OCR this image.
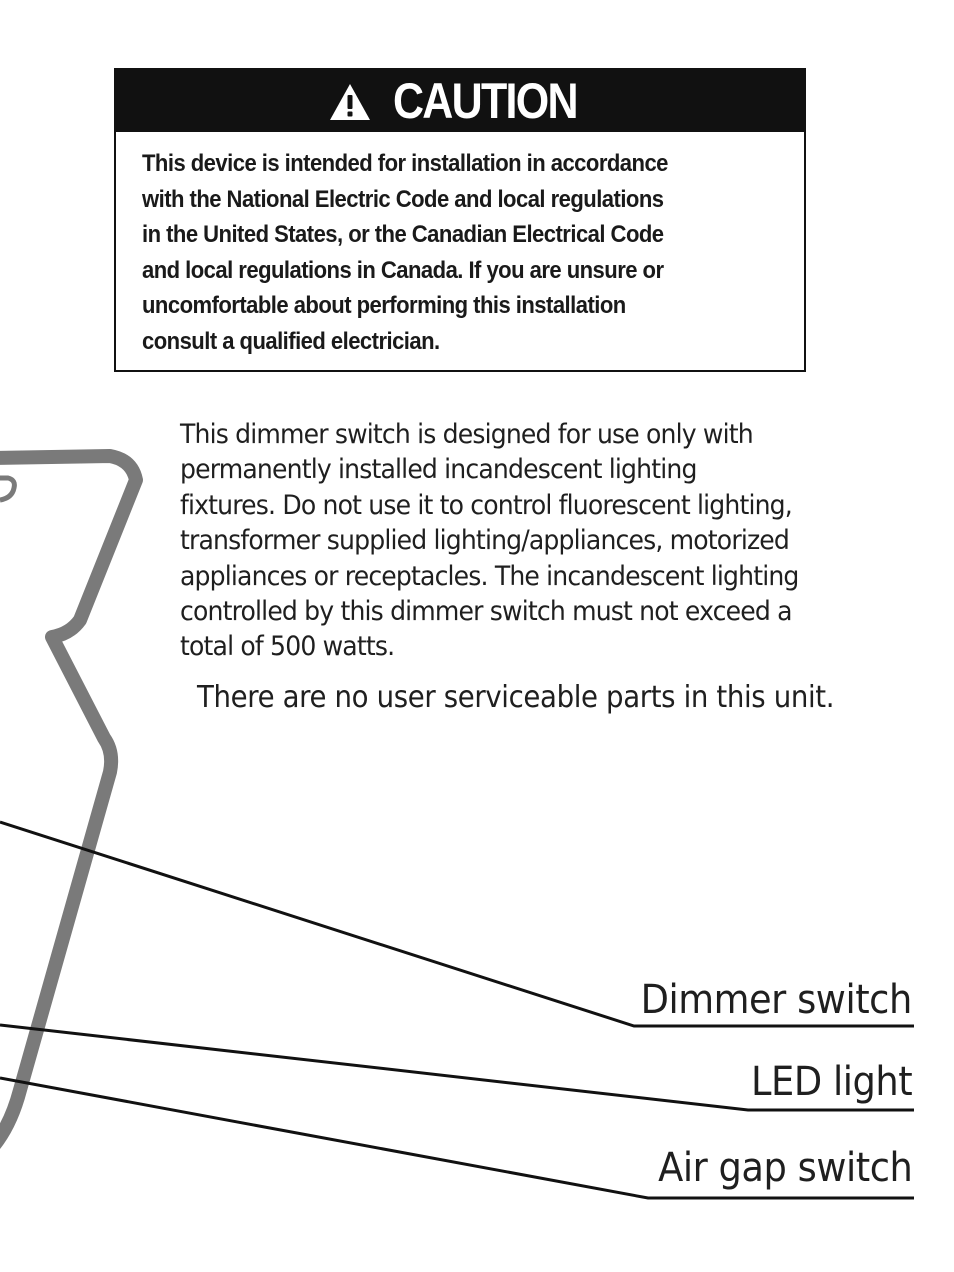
CAUTION

This device is intended for installation in accordance
with the National Electric Code and local regulations
in the United States, or the Canadian Electrical Code
and local regulations in Canada. If you are unsure or
uncomfortable about performing this installation
consult a qualified electrician.

This dimmer switch is designed for use only with
permanently installed incandescent lighting
fixtures. Do not use it to control fluorescent lighting,
transformer supplied lighting/appliances, motorized
appliances or receptacles. The incandescent lighting
controlled by this dimmer switch must not exceed a
total of 500 watts.

There are no user serviceable parts in this unit.

Dimmer switch
LED light
Air gap switch
